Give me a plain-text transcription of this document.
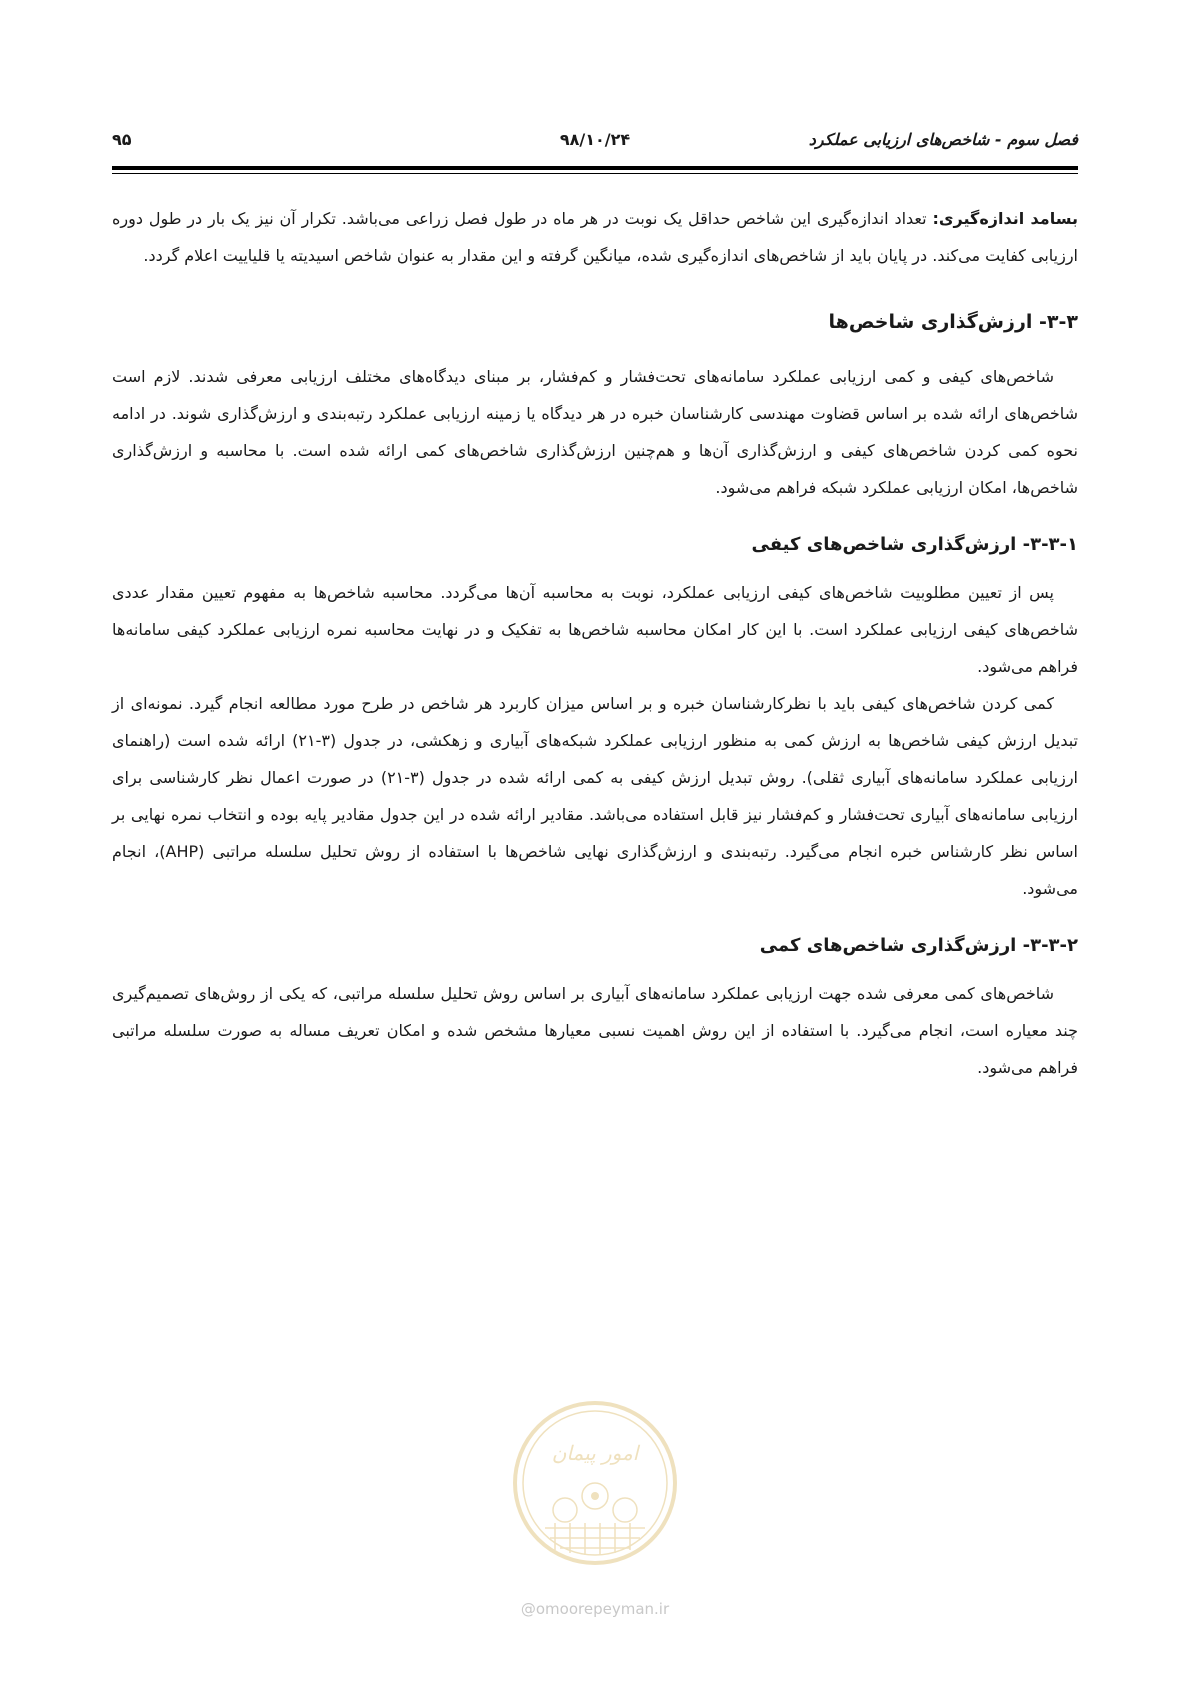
فصل سوم - شاخص‌های ارزیابی عملکرد
۹۸/۱۰/۲۴
۹۵

بسامد اندازه‌گیری: تعداد اندازه‌گیری این شاخص حداقل یک نوبت در هر ماه در طول فصل زراعی می‌باشد. تکرار آن نیز یک بار در طول دوره ارزیابی کفایت می‌کند. در پایان باید از شاخص‌های اندازه‌گیری شده، میانگین گرفته و این مقدار به عنوان شاخص اسیدیته یا قلیاییت اعلام گردد.

۳-۳- ارزش‌گذاری شاخص‌ها

شاخص‌های کیفی و کمی ارزیابی عملکرد سامانه‌های تحت‌فشار و کم‌فشار، بر مبنای دیدگاه‌های مختلف ارزیابی معرفی شدند. لازم است شاخص‌های ارائه شده بر اساس قضاوت مهندسی کارشناسان خبره در هر دیدگاه یا زمینه ارزیابی عملکرد رتبه‌بندی و ارزش‌گذاری شوند. در ادامه نحوه کمی کردن شاخص‌های کیفی و ارزش‌گذاری آن‌ها و هم‌چنین ارزش‌گذاری شاخص‌های کمی ارائه شده است. با محاسبه و ارزش‌گذاری شاخص‌ها، امکان ارزیابی عملکرد شبکه فراهم می‌شود.

۳-۳-۱- ارزش‌گذاری شاخص‌های کیفی

پس از تعیین مطلوبیت شاخص‌های کیفی ارزیابی عملکرد، نوبت به محاسبه آن‌ها می‌گردد. محاسبه شاخص‌ها به مفهوم تعیین مقدار عددی شاخص‌های کیفی ارزیابی عملکرد است. با این کار امکان محاسبه شاخص‌ها به تفکیک و در نهایت محاسبه نمره ارزیابی عملکرد کیفی سامانه‌ها فراهم می‌شود.

کمی کردن شاخص‌های کیفی باید با نظرکارشناسان خبره و بر اساس میزان کاربرد هر شاخص در طرح مورد مطالعه انجام گیرد. نمونه‌ای از تبدیل ارزش کیفی شاخص‌ها به ارزش کمی به منظور ارزیابی عملکرد شبکه‌های آبیاری و زهکشی، در جدول (۳-۲۱) ارائه شده است (راهنمای ارزیابی عملکرد سامانه‌های آبیاری ثقلی). روش تبدیل ارزش کیفی به کمی ارائه شده در جدول (۳-۲۱) در صورت اعمال نظر کارشناسی برای ارزیابی سامانه‌های آبیاری تحت‌فشار و کم‌فشار نیز قابل استفاده می‌باشد. مقادیر ارائه شده در این جدول مقادیر پایه بوده و انتخاب نمره نهایی بر اساس نظر کارشناس خبره انجام می‌گیرد. رتبه‌بندی و ارزش‌گذاری نهایی شاخص‌ها با استفاده از روش تحلیل سلسله مراتبی (AHP)، انجام می‌شود.

۳-۳-۲- ارزش‌گذاری شاخص‌های کمی

شاخص‌های کمی معرفی شده جهت ارزیابی عملکرد سامانه‌های آبیاری بر اساس روش تحلیل سلسله مراتبی، که یکی از روش‌های تصمیم‌گیری چند معیاره است، انجام می‌گیرد. با استفاده از این روش اهمیت نسبی معیارها مشخص شده و امکان تعریف مساله به صورت سلسله مراتبی فراهم می‌شود.

امور پیمان
@omoorepeyman.ir
